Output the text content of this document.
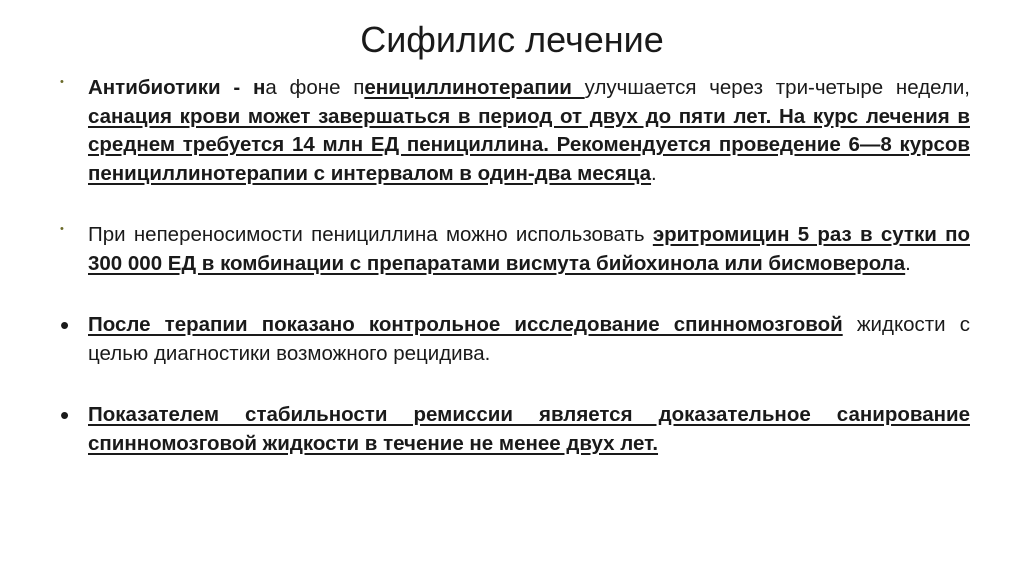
Сифилис лечение
•	Антибиотики - на фоне пенициллинотерапии улучшается через три-четыре недели, санация крови может завершаться в период от двух до пяти лет. На курс лечения в среднем требуется 14 млн ЕД пенициллина. Рекомендуется проведение 6—8 курсов пенициллинотерапии с интервалом в один-два месяца.
•	При непереносимости пенициллина можно использовать эритромицин 5 раз в сутки по 300 000 ЕД в комбинации с препаратами висмута бийохинола или бисмоверола.
• После терапии показано контрольное исследование спинномозговой жидкости с целью диагностики возможного рецидива.
• Показателем стабильности ремиссии является доказательное санирование спинномозговой жидкости в течение не менее двух лет.
